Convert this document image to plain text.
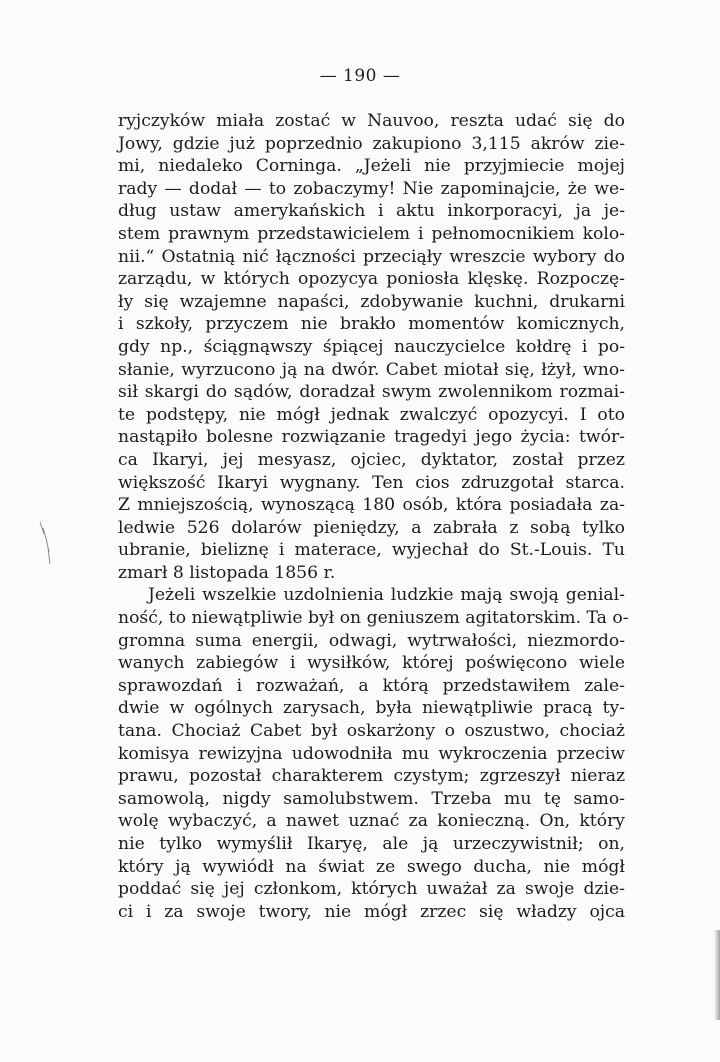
— 190 —
ryjczyków miała zostać w Nauvoo, reszta udać się do
Jowy, gdzie już poprzednio zakupiono 3,115 akrów zie-
mi, niedaleko Corninga. „Jeżeli nie przyjmiecie mojej
rady — dodał — to zobaczymy! Nie zapominajcie, że we-
dług ustaw amerykańskich i aktu inkorporacyi, ja je-
stem prawnym przedstawicielem i pełnomocnikiem kolo-
nii.“ Ostatnią nić łączności przeciąły wreszcie wybory do
zarządu, w których opozycya poniosła klęskę. Rozpoczę-
ły się wzajemne napaści, zdobywanie kuchni, drukarni
i szkoły, przyczem nie brakło momentów komicznych,
gdy np., ściągnąwszy śpiącej nauczycielce kołdrę i po-
słanie, wyrzucono ją na dwór. Cabet miotał się, łżył, wno-
sił skargi do sądów, doradzał swym zwolennikom rozmai-
te podstępy, nie mógł jednak zwalczyć opozycyi. I oto
nastąpiło bolesne rozwiązanie tragedyi jego życia: twór-
ca Ikaryi, jej mesyasz, ojciec, dyktator, został przez
większość Ikaryi wygnany. Ten cios zdruzgotał starca.
Z mniejszością, wynoszącą 180 osób, która posiadała za-
ledwie 526 dolarów pieniędzy, a zabrała z sobą tylko
ubranie, bieliznę i materace, wyjechał do St.-Louis. Tu
zmarł 8 listopada 1856 r.
Jeżeli wszelkie uzdolnienia ludzkie mają swoją genial-
ność, to niewątpliwie był on geniuszem agitatorskim. Ta o-
gromna suma energii, odwagi, wytrwałości, niezmordo-
wanych zabiegów i wysiłków, której poświęcono wiele
sprawozdań i rozważań, a którą przedstawiłem zale-
dwie w ogólnych zarysach, była niewątpliwie pracą ty-
tana. Chociaż Cabet był oskarżony o oszustwo, chociaż
komisya rewizyjna udowodniła mu wykroczenia przeciw
prawu, pozostał charakterem czystym; zgrzeszył nieraz
samowolą, nigdy samolubstwem. Trzeba mu tę samo-
wolę wybaczyć, a nawet uznać za konieczną. On, który
nie tylko wymyślił Ikaryę, ale ją urzeczywistnił; on,
który ją wywiódł na świat ze swego ducha, nie mógł
poddać się jej członkom, których uważał za swoje dzie-
ci i za swoje twory, nie mógł zrzec się władzy ojca
